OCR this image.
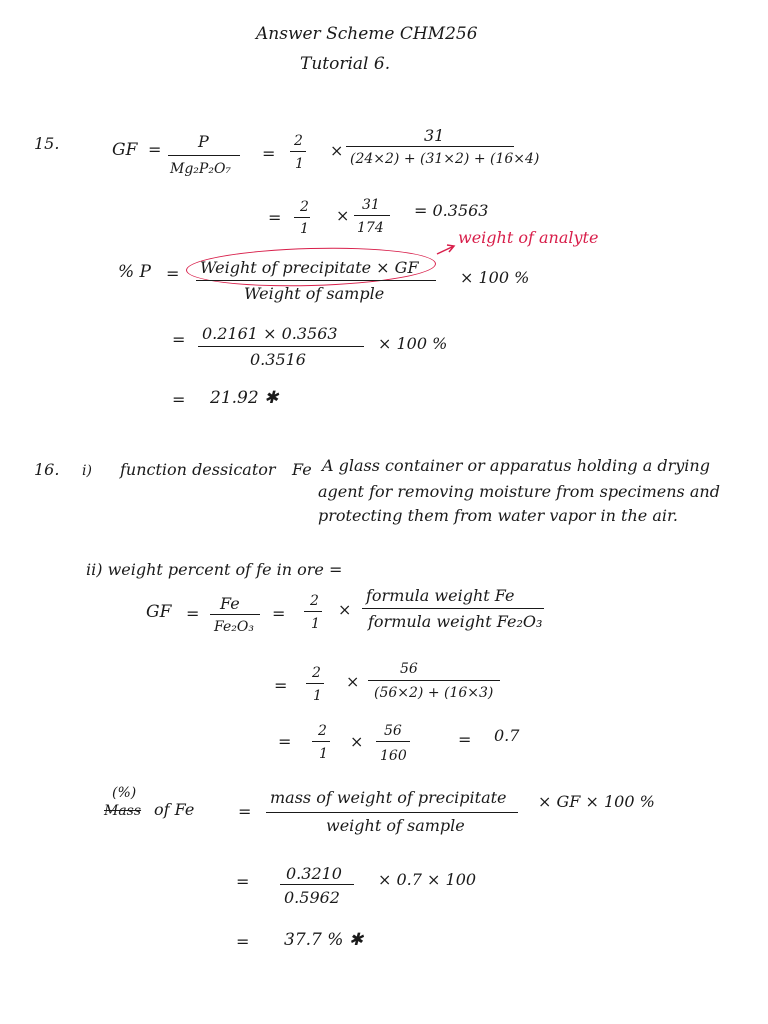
Answer Scheme CHM256
Tutorial 6.
15.	GF = P
Mg₂P₂O₇
=
2
1
×
31
(24×2) + (31×2) + (16×4)
=
2
1
×
31
174
= 0.3563
% P = Weight of precipitate × GF
Weight of sample
× 100 %
weight of analyte
= 0.2161 × 0.3563
0.3516
× 100 %
= 21.92 ✱
16. i) function dessicator Fe A glass container or apparatus holding a drying
agent for removing moisture from specimens and
protecting them from water vapor in the air.
ii) weight percent of fe in ore =
GF =
Fe
Fe₂O₃
=
2
1
×
formula weight Fe
formula weight Fe₂O₃
=
2
1
×
56
(56×2) + (16×3)
=
2
1
×
56
160
= 0.7
(%)
Mass of Fe	=
mass of weight of precipitate
weight of sample
× GF × 100 %
= 0.3210
0.5962
× 0.7 × 100
= 37.7 % ✱
